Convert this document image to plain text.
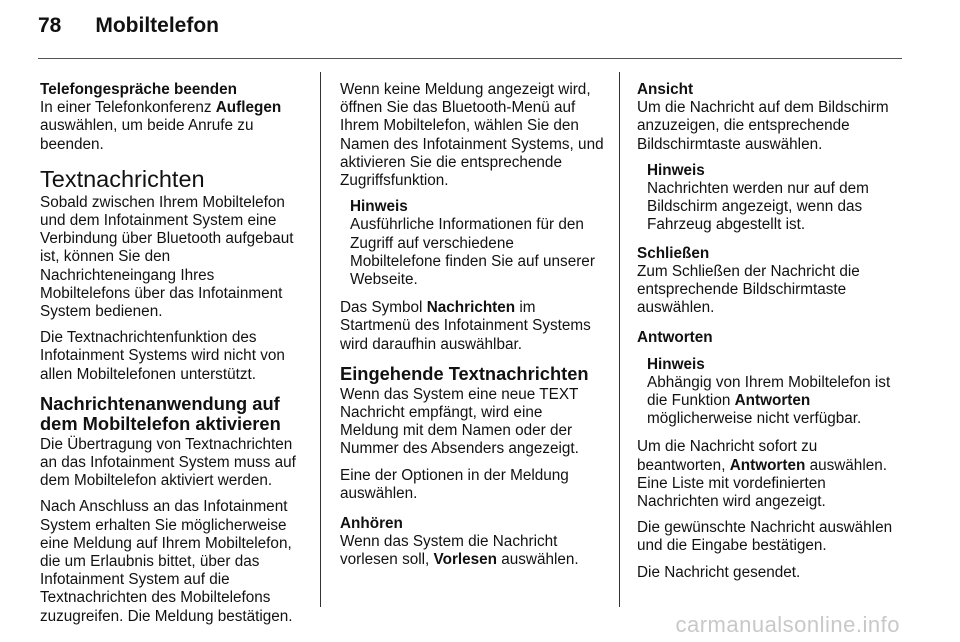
78 Mobiltelefon

Telefongespräche beenden

In einer Telefonkonferenz Auflegen auswählen, um beide Anrufe zu beenden.

Textnachrichten

Sobald zwischen Ihrem Mobiltelefon und dem Infotainment System eine Verbindung über Bluetooth aufgebaut ist, können Sie den Nachrichteneingang Ihres Mobiltelefons über das Infotainment System bedienen.

Die Textnachrichtenfunktion des Infotainment Systems wird nicht von allen Mobiltelefonen unterstützt.

Nachrichtenanwendung auf dem Mobiltelefon aktivieren

Die Übertragung von Textnachrichten an das Infotainment System muss auf dem Mobiltelefon aktiviert werden.

Nach Anschluss an das Infotainment System erhalten Sie möglicherweise eine Meldung auf Ihrem Mobiltelefon, die um Erlaubnis bittet, über das Infotainment System auf die Textnachrichten des Mobiltelefons zuzugreifen. Die Meldung bestätigen.

Wenn keine Meldung angezeigt wird, öffnen Sie das Bluetooth-Menü auf Ihrem Mobiltelefon, wählen Sie den Namen des Infotainment Systems, und aktivieren Sie die entsprechende Zugriffsfunktion.

Hinweis

Ausführliche Informationen für den Zugriff auf verschiedene Mobiltelefone finden Sie auf unserer Webseite.

Das Symbol Nachrichten im Startmenü des Infotainment Systems wird daraufhin auswählbar.

Eingehende Textnachrichten

Wenn das System eine neue TEXT Nachricht empfängt, wird eine Meldung mit dem Namen oder der Nummer des Absenders angezeigt.

Eine der Optionen in der Meldung auswählen.

Anhören

Wenn das System die Nachricht vorlesen soll, Vorlesen auswählen.

Ansicht

Um die Nachricht auf dem Bildschirm anzuzeigen, die entsprechende Bildschirmtaste auswählen.

Hinweis

Nachrichten werden nur auf dem Bildschirm angezeigt, wenn das Fahrzeug abgestellt ist.

Schließen

Zum Schließen der Nachricht die entsprechende Bildschirmtaste auswählen.

Antworten

Hinweis

Abhängig von Ihrem Mobiltelefon ist die Funktion Antworten möglicherweise nicht verfügbar.

Um die Nachricht sofort zu beantworten, Antworten auswählen. Eine Liste mit vordefinierten Nachrichten wird angezeigt.

Die gewünschte Nachricht auswählen und die Eingabe bestätigen.

Die Nachricht gesendet.

carmanualsonline.info
